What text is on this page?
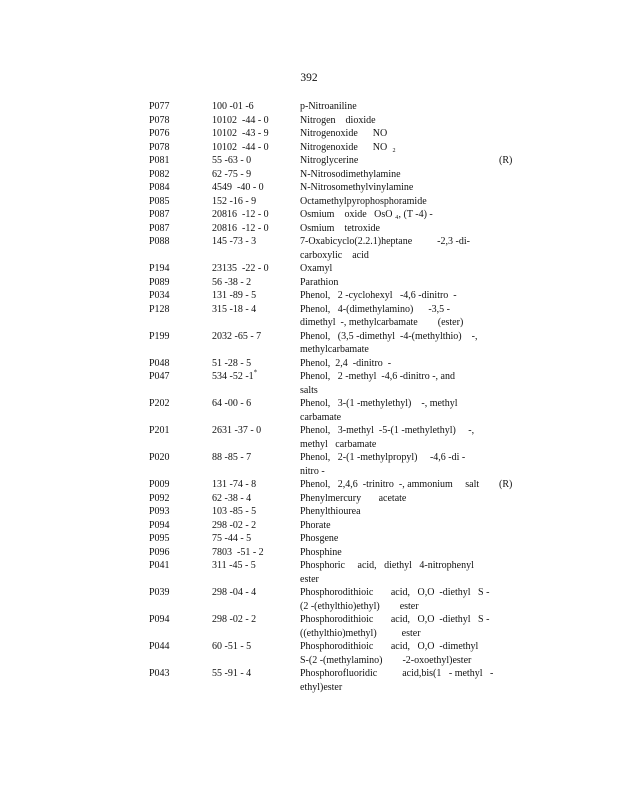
392
P077	100 -01 -6	p-Nitroaniline
P078	10102  -44 - 0	Nitrogen    dioxide
P076	10102  -43 - 9	Nitrogenoxide      NO
P078	10102  -44 - 0	Nitrogenoxide      NO  ₂
P081	55 -63 - 0	Nitroglycerine	(R)
P082	62 -75 - 9	N-Nitrosodimethylamine
P084	4549  -40 - 0	N-Nitrosomethylvinylamine
P085	152 -16 - 9	Octamethylpyrophosphoramide
P087	20816  -12 - 0	Osmium    oxide   OsO ₄, (T -4) -
P087	20816  -12 - 0	Osmium    tetroxide
P088	145 -73 - 3	7-Oxabicyclo(2.2.1)heptane          -2,3 -di-
carboxylic    acid
P194	23135  -22 - 0	Oxamyl
P089	56 -38 - 2	Parathion
P034	131 -89 - 5	Phenol,   2 -cyclohexyl   -4,6 -dinitro  -
P128	315 -18 - 4	Phenol,   4-(dimethylamino)      -3,5 -
dimethyl  -, methylcarbamate        (ester)
P199	2032 -65 - 7	Phenol,   (3,5 -dimethyl  -4-(methylthio)    -,
methylcarbamate
P048	51 -28 - 5	Phenol,  2,4  -dinitro  -
P047	534 -52 -1*	Phenol,   2 -methyl  -4,6 -dinitro -, and
salts
P202	64 -00 - 6	Phenol,   3-(1 -methylethyl)    -, methyl
carbamate
P201	2631 -37 - 0	Phenol,   3-methyl  -5-(1 -methylethyl)     -,
methyl   carbamate
P020	88 -85 - 7	Phenol,   2-(1 -methylpropyl)     -4,6 -di -
nitro -
P009	131 -74 - 8	Phenol,   2,4,6  -trinitro  -, ammonium     salt	(R)
P092	62 -38 - 4	Phenylmercury       acetate
P093	103 -85 - 5	Phenylthiourea
P094	298 -02 - 2	Phorate
P095	75 -44 - 5	Phosgene
P096	7803  -51 - 2	Phosphine
P041	311 -45 - 5	Phosphoric     acid,   diethyl   4-nitrophenyl
ester
P039	298 -04 - 4	Phosphorodithioic       acid,   O,O  -diethyl   S -
(2 -(ethylthio)ethyl)        ester
P094	298 -02 - 2	Phosphorodithioic       acid,   O,O  -diethyl   S -
((ethylthio)methyl)          ester
P044	60 -51 - 5	Phosphorodithioic       acid,   O,O  -dimethyl
S-(2 -(methylamino)        -2-oxoethyl)ester
P043	55 -91 - 4	Phosphorofluoridic          acid,bis(1   - methyl   -
ethyl)ester
